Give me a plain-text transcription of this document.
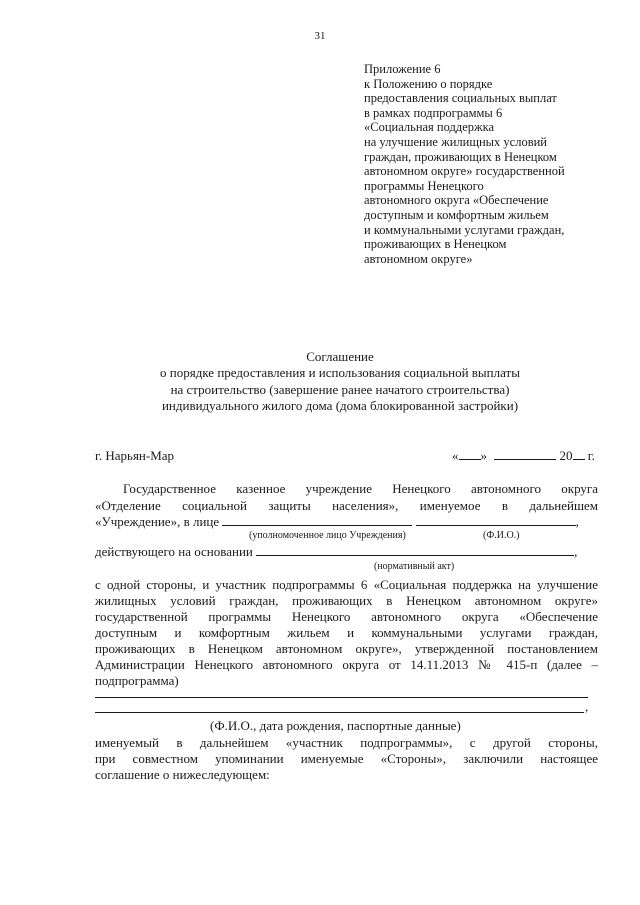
31
Приложение 6
к Положению о порядке
предоставления социальных выплат
в рамках подпрограммы 6
«Социальная поддержка
на улучшение жилищных условий
граждан, проживающих в Ненецком
автономном округе» государственной
программы Ненецкого
автономного округа «Обеспечение
доступным и комфортным жильем
и коммунальными услугами граждан,
проживающих в Ненецком
автономном округе»
Соглашение
о порядке предоставления и использования социальной выплаты
на строительство (завершение ранее начатого строительства)
индивидуального жилого дома (дома блокированной застройки)
г. Нарьян-Мар	« »	20 г.
Государственное казенное учреждение Ненецкого автономного округа
«Отделение социальной защиты населения», именуемое в дальнейшем
«Учреждение», в лице	,
(уполномоченное лицо Учреждения)	(Ф.И.О.)
действующего на основании	,
(нормативный акт)
с одной стороны, и участник подпрограммы 6 «Социальная поддержка на улучшение
жилищных условий граждан, проживающих в Ненецком автономном округе»
государственной программы Ненецкого автономного округа «Обеспечение
доступным и комфортным жильем и коммунальными услугами граждан,
проживающих в Ненецком автономном округе», утвержденной постановлением
Администрации Ненецкого автономного округа от 14.11.2013 № 415-п (далее –
подпрограмма)
,
(Ф.И.О., дата рождения, паспортные данные)
именуемый в дальнейшем «участник подпрограммы», с другой стороны,
при совместном упоминании именуемые «Стороны», заключили настоящее
соглашение о нижеследующем:
